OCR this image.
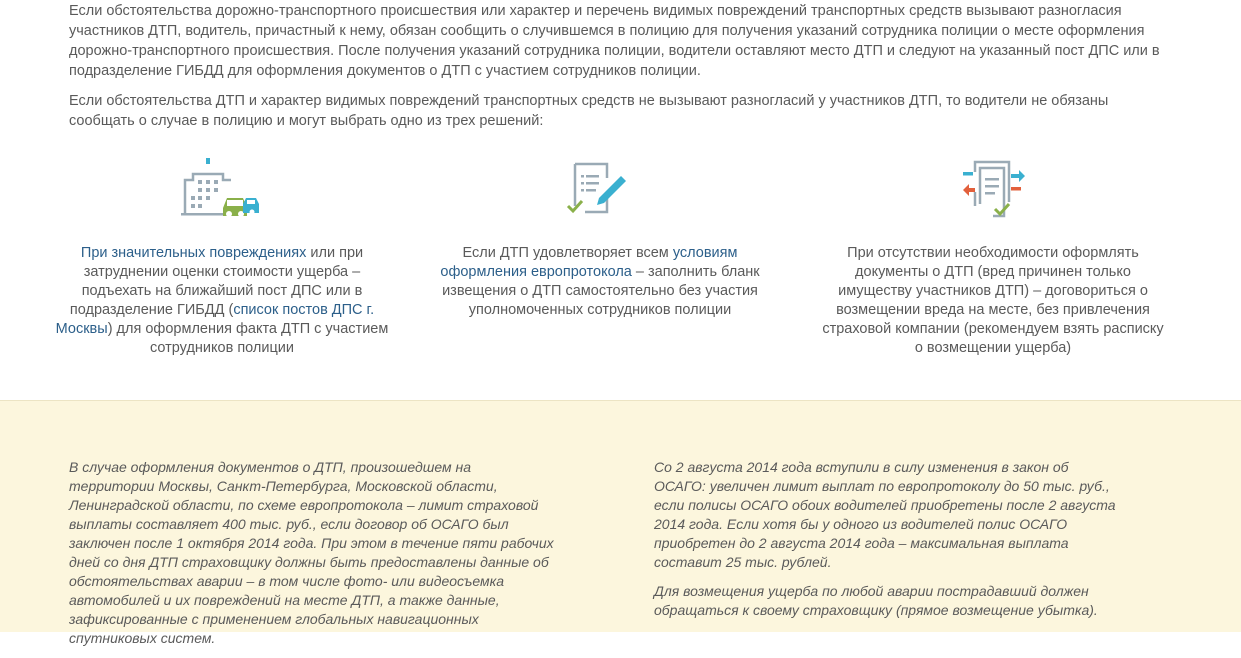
Если обстоятельства дорожно-транспортного происшествия или характер и перечень видимых повреждений транспортных средств вызывают разногласия участников ДТП, водитель, причастный к нему, обязан сообщить о случившемся в полицию для получения указаний сотрудника полиции о месте оформления дорожно-транспортного происшествия. После получения указаний сотрудника полиции, водители оставляют место ДТП и следуют на указанный пост ДПС или в подразделение ГИБДД для оформления документов о ДТП с участием сотрудников полиции.

Если обстоятельства ДТП и характер видимых повреждений транспортных средств не вызывают разногласий у участников ДТП, то водители не обязаны сообщать о случае в полицию и могут выбрать одно из трех решений:

При значительных повреждениях или при затруднении оценки стоимости ущерба – подъехать на ближайший пост ДПС или в подразделение ГИБДД (список постов ДПС г. Москвы) для оформления факта ДТП с участием сотрудников полиции
Если ДТП удовлетворяет всем условиям оформления европротокола – заполнить бланк извещения о ДТП самостоятельно без участия уполномоченных сотрудников полиции
При отсутствии необходимости оформлять документы о ДТП (вред причинен только имуществу участников ДТП) – договориться о возмещении вреда на месте, без привлечения страховой компании (рекомендуем взять расписку о возмещении ущерба)

В случае оформления документов о ДТП, произошедшем на территории Москвы, Санкт-Петербурга, Московской области, Ленинградской области, по схеме европротокола – лимит страховой выплаты составляет 400 тыс. руб., если договор об ОСАГО был заключен после 1 октября 2014 года. При этом в течение пяти рабочих дней со дня ДТП страховщику должны быть предоставлены данные об обстоятельствах аварии – в том числе фото- или видеосъемка автомобилей и их повреждений на месте ДТП, а также данные, зафиксированные с применением глобальных навигационных спутниковых систем.

Со 2 августа 2014 года вступили в силу изменения в закон об ОСАГО: увеличен лимит выплат по европротоколу до 50 тыс. руб., если полисы ОСАГО обоих водителей приобретены после 2 августа 2014 года. Если хотя бы у одного из водителей полис ОСАГО приобретен до 2 августа 2014 года – максимальная выплата составит 25 тыс. рублей.

Для возмещения ущерба по любой аварии пострадавший должен обращаться к своему страховщику (прямое возмещение убытка).
